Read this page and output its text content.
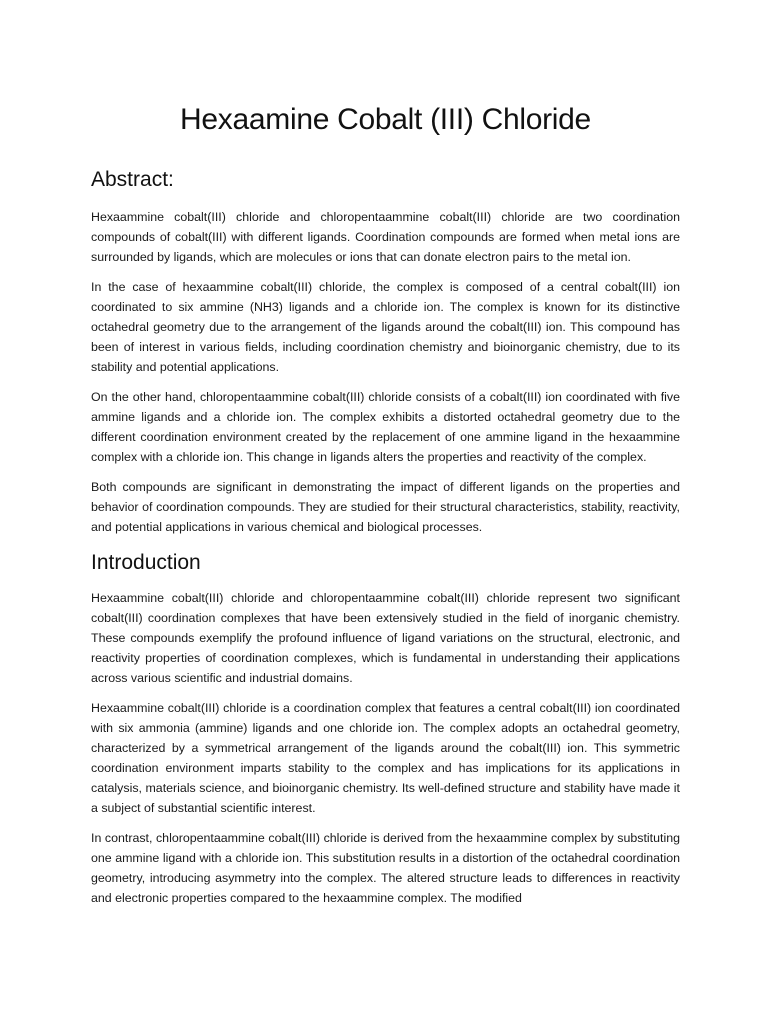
Hexaamine Cobalt (III) Chloride
Abstract:

Hexaammine cobalt(III) chloride and chloropentaammine cobalt(III) chloride are two coordination compounds of cobalt(III) with different ligands. Coordination compounds are formed when metal ions are surrounded by ligands, which are molecules or ions that can donate electron pairs to the metal ion.

In the case of hexaammine cobalt(III) chloride, the complex is composed of a central cobalt(III) ion coordinated to six ammine (NH3) ligands and a chloride ion. The complex is known for its distinctive octahedral geometry due to the arrangement of the ligands around the cobalt(III) ion. This compound has been of interest in various fields, including coordination chemistry and bioinorganic chemistry, due to its stability and potential applications.

On the other hand, chloropentaammine cobalt(III) chloride consists of a cobalt(III) ion coordinated with five ammine ligands and a chloride ion. The complex exhibits a distorted octahedral geometry due to the different coordination environment created by the replacement of one ammine ligand in the hexaammine complex with a chloride ion. This change in ligands alters the properties and reactivity of the complex.

Both compounds are significant in demonstrating the impact of different ligands on the properties and behavior of coordination compounds. They are studied for their structural characteristics, stability, reactivity, and potential applications in various chemical and biological processes.

Introduction

Hexaammine cobalt(III) chloride and chloropentaammine cobalt(III) chloride represent two significant cobalt(III) coordination complexes that have been extensively studied in the field of inorganic chemistry. These compounds exemplify the profound influence of ligand variations on the structural, electronic, and reactivity properties of coordination complexes, which is fundamental in understanding their applications across various scientific and industrial domains.

Hexaammine cobalt(III) chloride is a coordination complex that features a central cobalt(III) ion coordinated with six ammonia (ammine) ligands and one chloride ion. The complex adopts an octahedral geometry, characterized by a symmetrical arrangement of the ligands around the cobalt(III) ion. This symmetric coordination environment imparts stability to the complex and has implications for its applications in catalysis, materials science, and bioinorganic chemistry. Its well-defined structure and stability have made it a subject of substantial scientific interest.

In contrast, chloropentaammine cobalt(III) chloride is derived from the hexaammine complex by substituting one ammine ligand with a chloride ion. This substitution results in a distortion of the octahedral coordination geometry, introducing asymmetry into the complex. The altered structure leads to differences in reactivity and electronic properties compared to the hexaammine complex. The modified
